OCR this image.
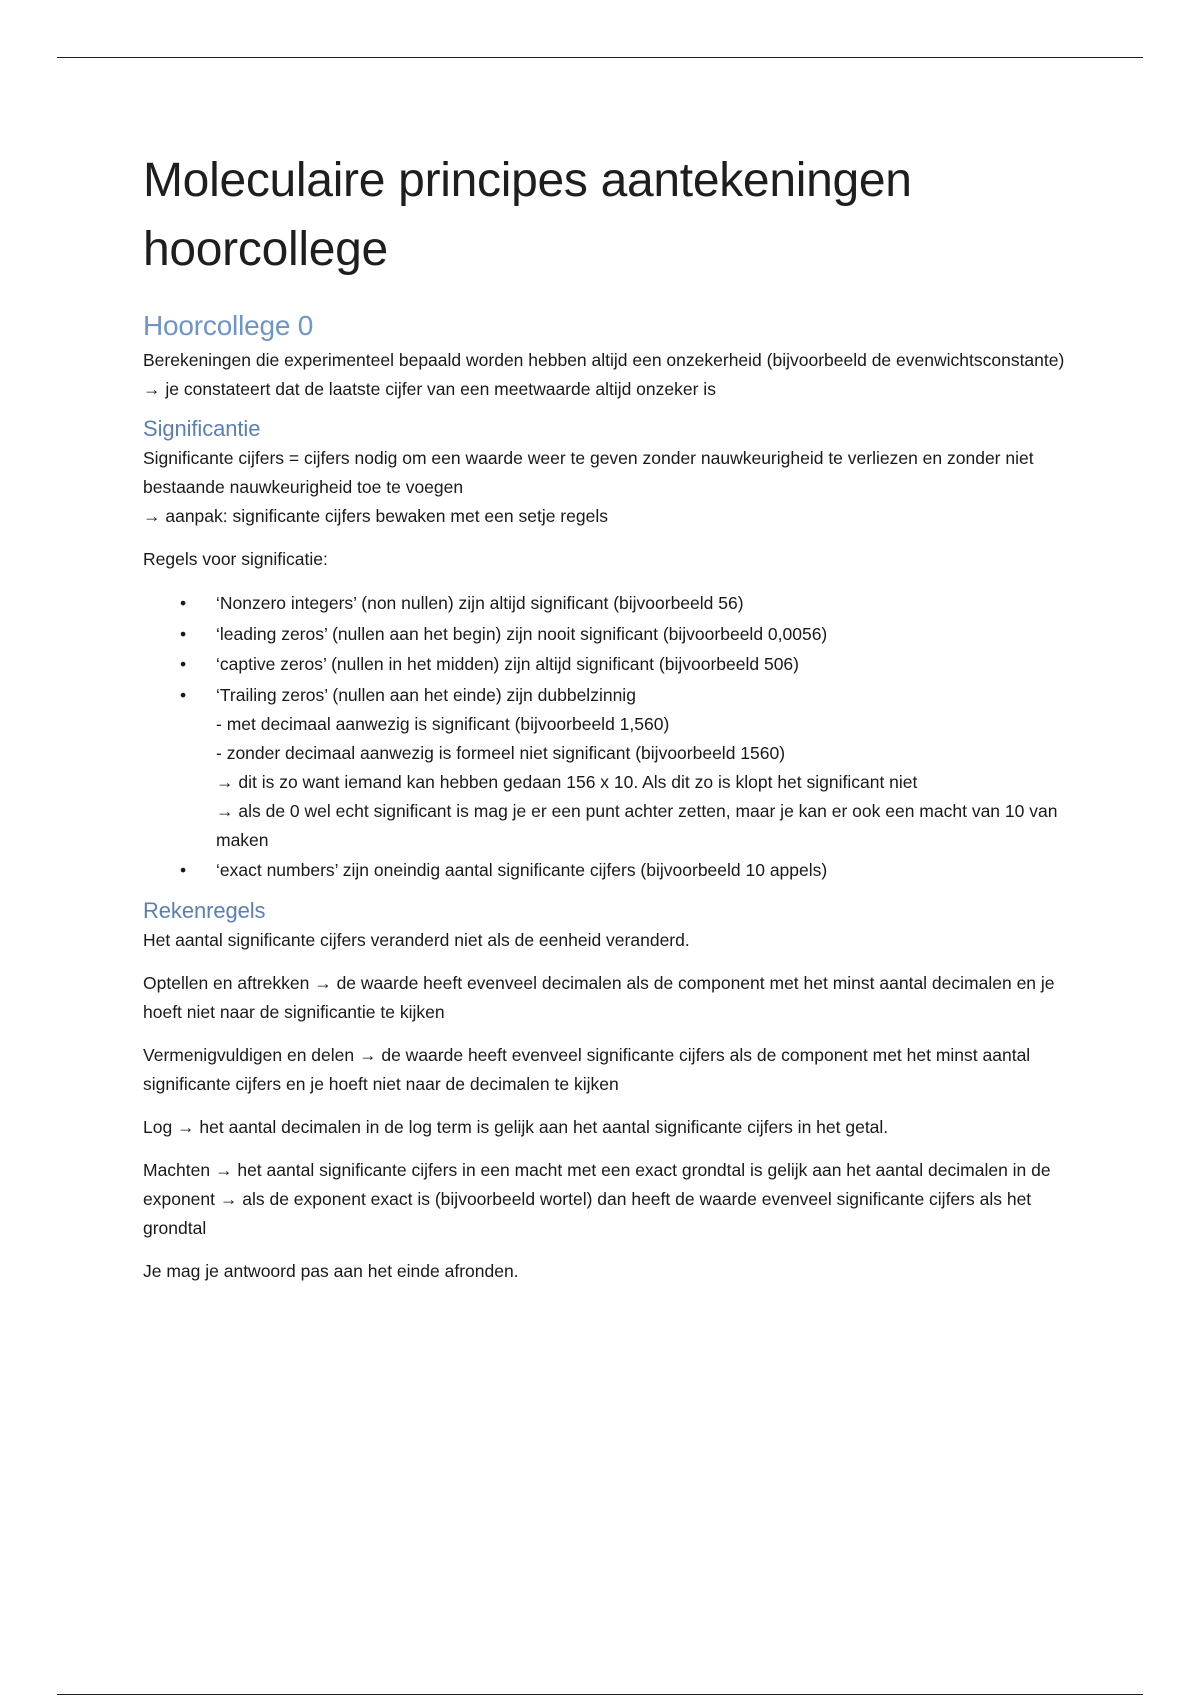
Moleculaire principes aantekeningen
hoorcollege
Hoorcollege 0

Berekeningen die experimenteel bepaald worden hebben altijd een onzekerheid (bijvoorbeeld de evenwichtsconstante)

→ je constateert dat de laatste cijfer van een meetwaarde altijd onzeker is

Significantie

Significante cijfers = cijfers nodig om een waarde weer te geven zonder nauwkeurigheid te verliezen en zonder niet bestaande nauwkeurigheid toe te voegen

→ aanpak: significante cijfers bewaken met een setje regels

Regels voor significatie:

• ‘Nonzero integers’ (non nullen) zijn altijd significant (bijvoorbeeld 56)
• ‘leading zeros’ (nullen aan het begin) zijn nooit significant (bijvoorbeeld 0,0056)
• ‘captive zeros’ (nullen in het midden) zijn altijd significant (bijvoorbeeld 506)
• ‘Trailing zeros’ (nullen aan het einde) zijn dubbelzinnig
- met decimaal aanwezig is significant (bijvoorbeeld 1,560)
- zonder decimaal aanwezig is formeel niet significant (bijvoorbeeld 1560)
→ dit is zo want iemand kan hebben gedaan 156 x 10. Als dit zo is klopt het significant niet
→ als de 0 wel echt significant is mag je er een punt achter zetten, maar je kan er ook een macht van 10 van maken
• ‘exact numbers’ zijn oneindig aantal significante cijfers (bijvoorbeeld 10 appels)
Rekenregels

Het aantal significante cijfers veranderd niet als de eenheid veranderd.

Optellen en aftrekken → de waarde heeft evenveel decimalen als de component met het minst aantal decimalen en je hoeft niet naar de significantie te kijken

Vermenigvuldigen en delen → de waarde heeft evenveel significante cijfers als de component met het minst aantal significante cijfers en je hoeft niet naar de decimalen te kijken

Log → het aantal decimalen in de log term is gelijk aan het aantal significante cijfers in het getal.

Machten → het aantal significante cijfers in een macht met een exact grondtal is gelijk aan het aantal decimalen in de exponent → als de exponent exact is (bijvoorbeeld wortel) dan heeft de waarde evenveel significante cijfers als het grondtal

Je mag je antwoord pas aan het einde afronden.
